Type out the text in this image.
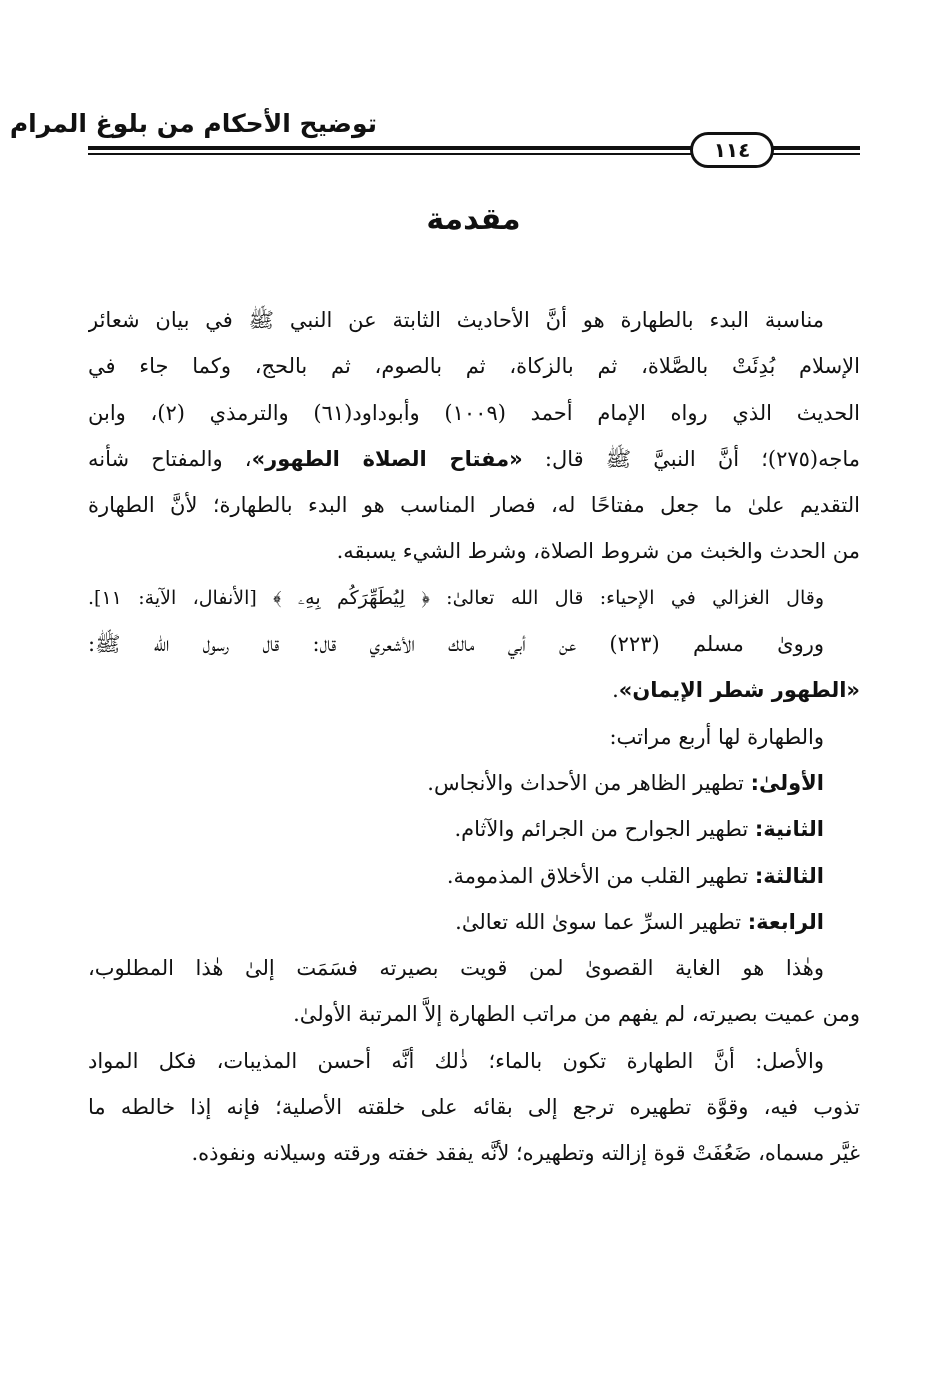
توضيح الأحكام من بلوغ المرام
١١٤
مقدمة
مناسبة البدء بالطهارة هو أنَّ الأحاديث الثابتة عن النبي ﷺ في بيان شعائر
الإسلام بُدِئَتْ بالصَّلاة، ثم بالزكاة، ثم بالصوم، ثم بالحج، وكما جاء في
الحديث الذي رواه الإمام أحمد (١٠٠٩) وأبوداود(٦١) والترمذي (٢)، وابن
ماجه(٢٧٥)؛ أنَّ النبيَّ ﷺ قال: «مفتاح الصلاة الطهور»، والمفتاح شأنه
التقديم علىٰ ما جعل مفتاحًا له، فصار المناسب هو البدء بالطهارة؛ لأنَّ الطهارة
من الحدث والخبث من شروط الصلاة، وشرط الشيء يسبقه.
وقال الغزالي في الإحياء: قال الله تعالىٰ: ﴿ لِيُطَهِّرَكُم بِهِۦ ﴾ [الأنفال، الآية: ١١].
وروىٰ مسلم (٢٢٣) عن أبي مالك الأشعري قال: قال رسول الله ﷺ:
«الطهور شطر الإيمان».
والطهارة لها أربع مراتب:
الأولىٰ: تطهير الظاهر من الأحداث والأنجاس.
الثانية: تطهير الجوارح من الجرائم والآثام.
الثالثة: تطهير القلب من الأخلاق المذمومة.
الرابعة: تطهير السرِّ عما سوىٰ الله تعالىٰ.
وهٰذا هو الغاية القصوىٰ لمن قويت بصيرته فسَمَت إلىٰ هٰذا المطلوب،
ومن عميت بصيرته، لم يفهم من مراتب الطهارة إلاَّ المرتبة الأولىٰ.
والأصل: أنَّ الطهارة تكون بالماء؛ ذٰلك أنَّه أحسن المذيبات، فكل المواد
تذوب فيه، وقوَّة تطهيره ترجع إلى بقائه على خلقته الأصلية؛ فإنه إذا خالطه ما
غيَّر مسماه، ضَعُفَتْ قوة إزالته وتطهيره؛ لأنَّه يفقد خفته ورقته وسيلانه ونفوذه.
